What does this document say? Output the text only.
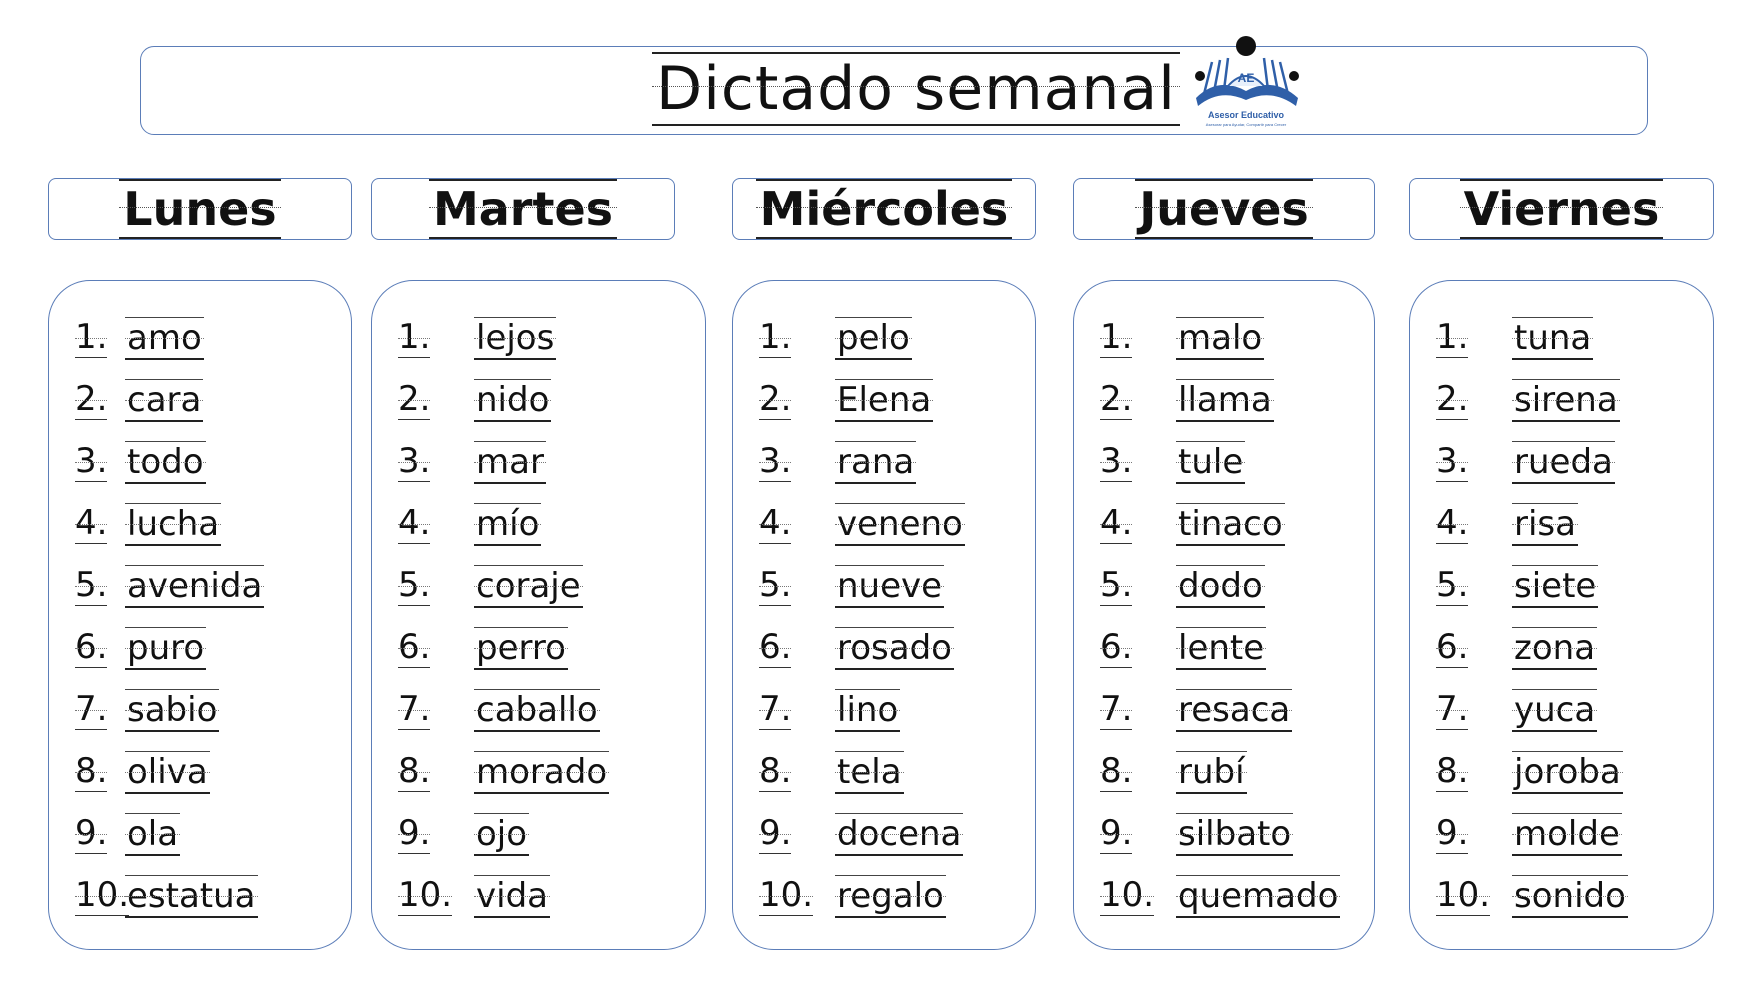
Dictado semanal	AE
Asesor Educativo
Asesorar para Ayudar, Compartir para Crecer
Lunes
1. amo
2. cara
3. todo
4. lucha
5. avenida
6. puro
7. sabio
8. oliva
9. ola
10.
estatua
Martes
1. lejos
2. nido
3. mar
4. mío
5. coraje
6. perro
7. caballo
8. morado
9. ojo
10. vida
Miércoles
1. pelo
2. Elena
3. rana
4. veneno
5. nueve
6. rosado
7. lino
8. tela
9. docena
10. regalo
Jueves
1. malo
2. llama
3. tule
4. tinaco
5. dodo
6. lente
7. resaca
8. rubí
9. silbato
10. quemado
Viernes
1. tuna
2. sirena
3. rueda
4. risa
5. siete
6. zona
7. yuca
8. joroba
9. molde
10. sonido
